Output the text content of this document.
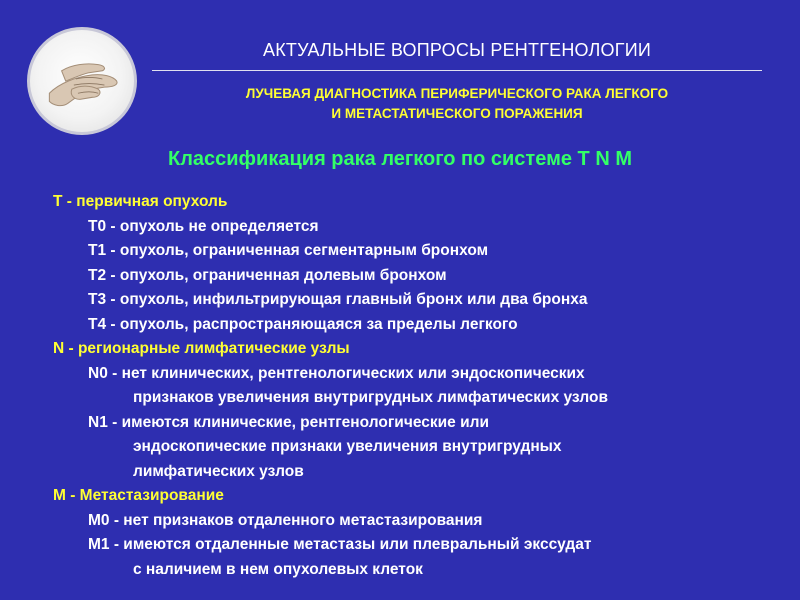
АКТУАЛЬНЫЕ ВОПРОСЫ РЕНТГЕНОЛОГИИ
ЛУЧЕВАЯ ДИАГНОСТИКА ПЕРИФЕРИЧЕСКОГО РАКА ЛЕГКОГО
И МЕТАСТАТИЧЕСКОГО ПОРАЖЕНИЯ
Классификация рака легкого по системе T N M
Т - первичная опухоль
Т0 - опухоль не определяется
Т1 - опухоль, ограниченная сегментарным бронхом
Т2 - опухоль, ограниченная долевым бронхом
Т3 - опухоль, инфильтрирующая главный бронх или два бронха
Т4 - опухоль, распространяющаяся за пределы легкого
N - регионарные лимфатические узлы
N0 - нет клинических, рентгенологических или эндоскопических
признаков увеличения внутригрудных лимфатических узлов
N1 - имеются клинические, рентгенологические или
эндоскопические признаки увеличения внутригрудных
лимфатических узлов
М - Метастазирование
М0 - нет признаков отдаленного метастазирования
М1 - имеются отдаленные метастазы или плевральный экссудат
с наличием в нем опухолевых клеток
